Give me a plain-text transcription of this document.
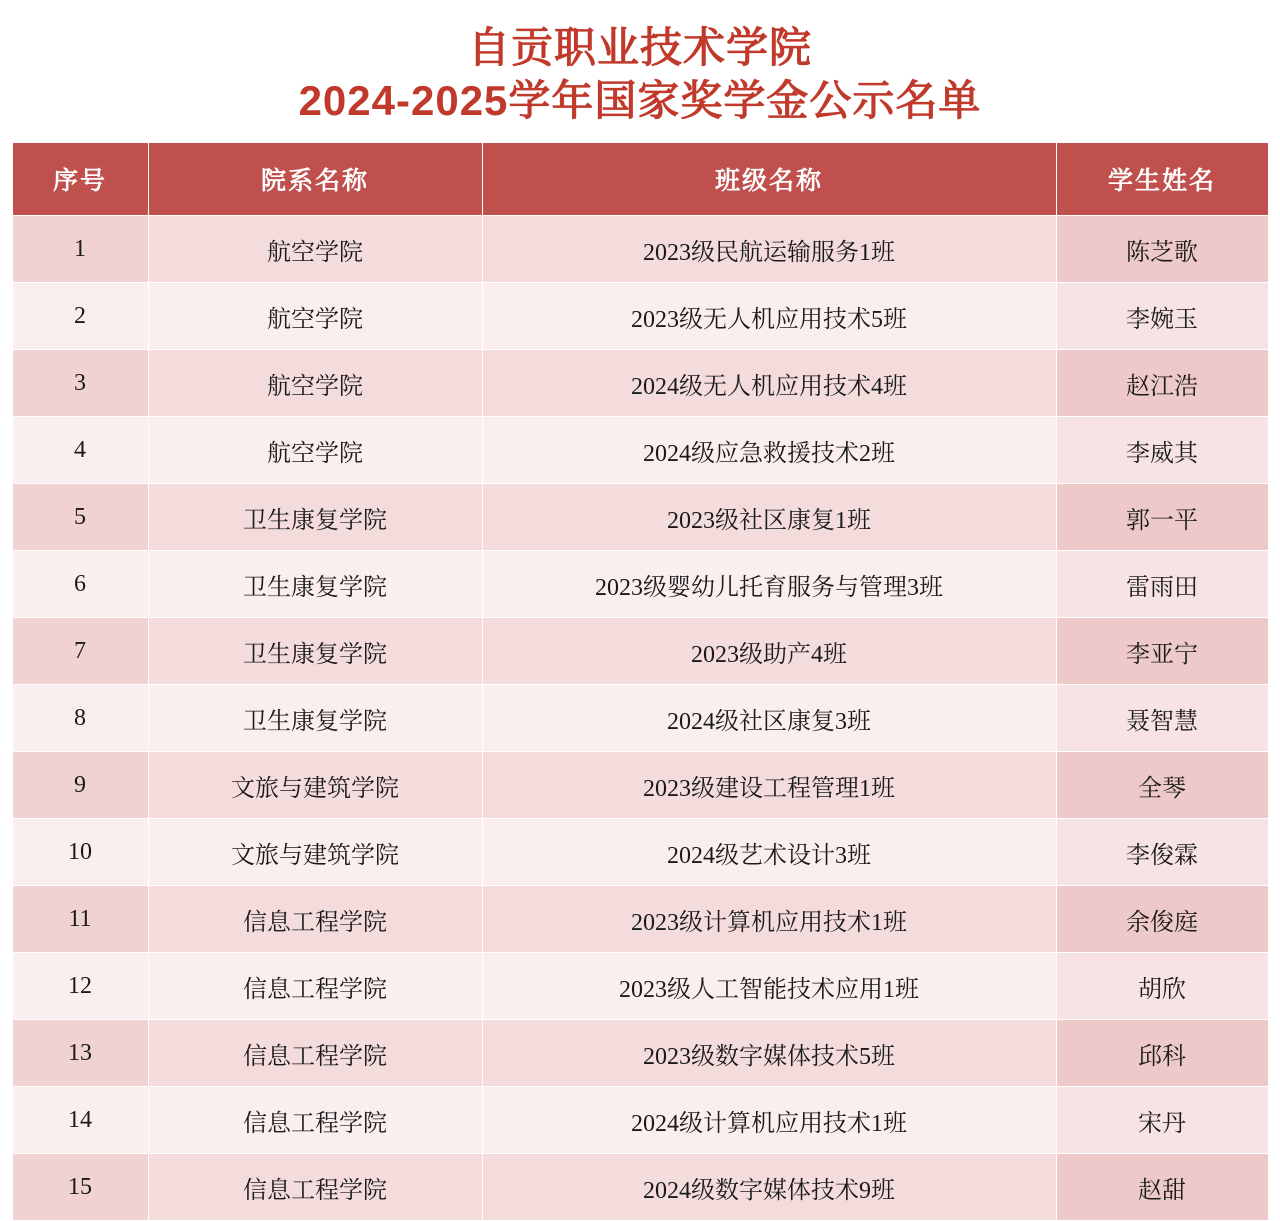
自贡职业技术学院
2024-2025学年国家奖学金公示名单
序号	院系名称	班级名称	学生姓名
1	航空学院	2023级民航运输服务1班	陈芝歌
2	航空学院	2023级无人机应用技术5班	李婉玉
3	航空学院	2024级无人机应用技术4班	赵江浩
4	航空学院	2024级应急救援技术2班	李威其
5	卫生康复学院	2023级社区康复1班	郭一平
6	卫生康复学院	2023级婴幼儿托育服务与管理3班	雷雨田
7	卫生康复学院	2023级助产4班	李亚宁
8	卫生康复学院	2024级社区康复3班	聂智慧
9	文旅与建筑学院	2023级建设工程管理1班	全琴
10	文旅与建筑学院	2024级艺术设计3班	李俊霖
11	信息工程学院	2023级计算机应用技术1班	余俊庭
12	信息工程学院	2023级人工智能技术应用1班	胡欣
13	信息工程学院	2023级数字媒体技术5班	邱科
14	信息工程学院	2024级计算机应用技术1班	宋丹
15	信息工程学院	2024级数字媒体技术9班	赵甜
